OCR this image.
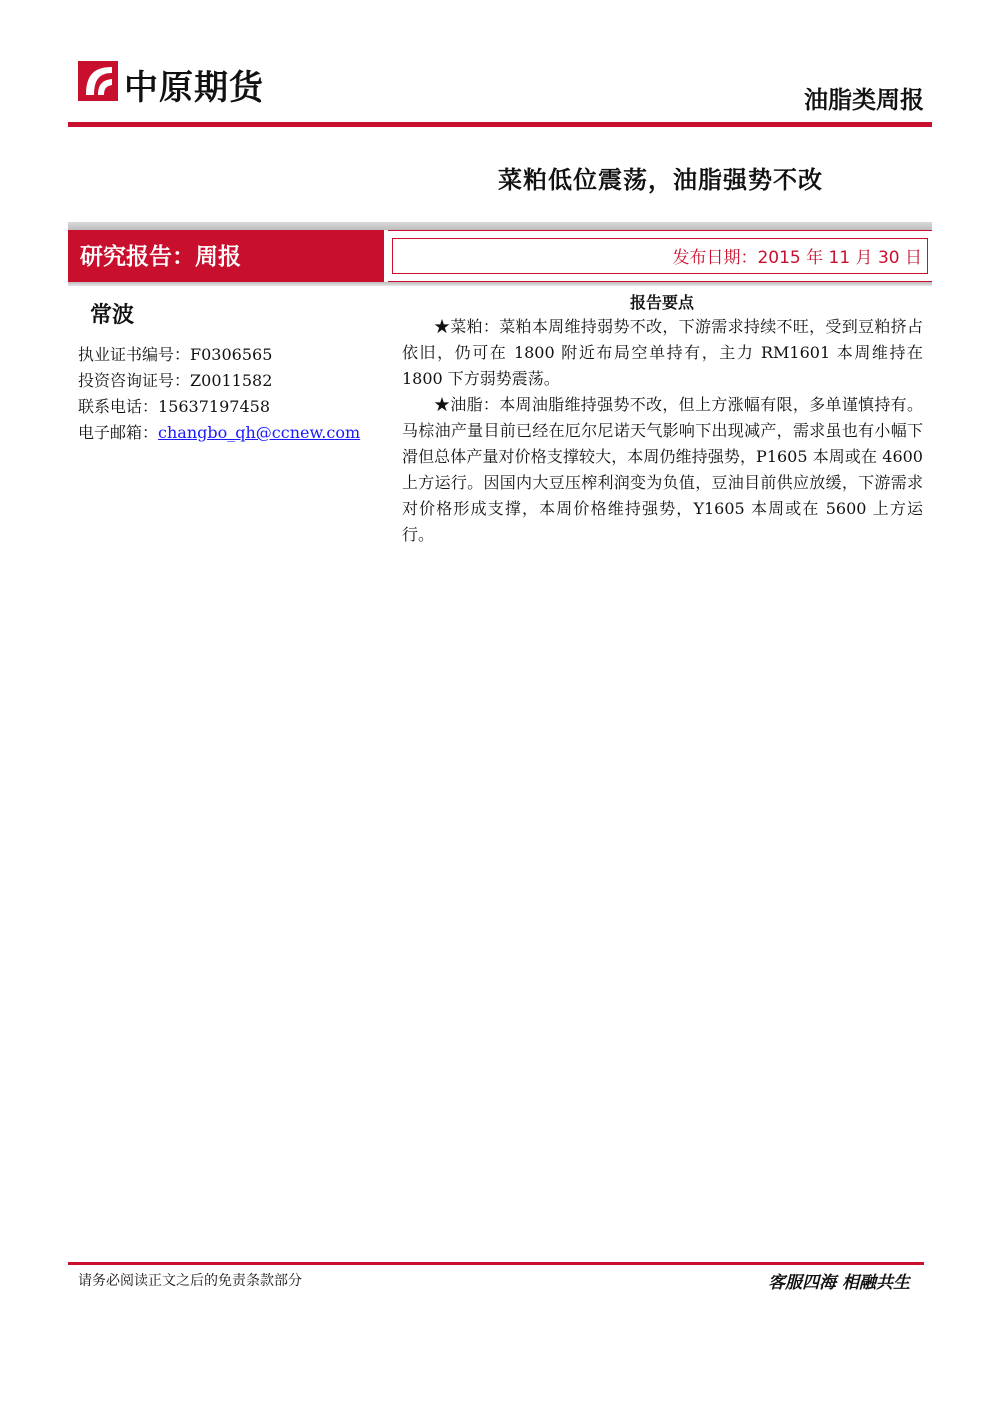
中原期货	油脂类周报
菜粕低位震荡，油脂强势不改
研究报告：周报	发布日期：2015 年 11 月 30 日
常波
执业证书编号：F0306565
投资咨询证号：Z0011582
联系电话：15637197458
电子邮箱：changbo_qh@ccnew.com
报告要点

★菜粕：菜粕本周维持弱势不改，下游需求持续不旺，受到豆粕挤占依旧，仍可在 1800 附近布局空单持有，主力 RM1601 本周维持在 1800 下方弱势震荡。

★油脂：本周油脂维持强势不改，但上方涨幅有限，多单谨慎持有。马棕油产量目前已经在厄尔尼诺天气影响下出现减产，需求虽也有小幅下滑但总体产量对价格支撑较大，本周仍维持强势，P1605 本周或在 4600 上方运行。因国内大豆压榨利润变为负值，豆油目前供应放缓，下游需求对价格形成支撑，本周价格维持强势，Y1605 本周或在 5600 上方运行。

请务必阅读正文之后的免责条款部分	客服四海 相融共生
